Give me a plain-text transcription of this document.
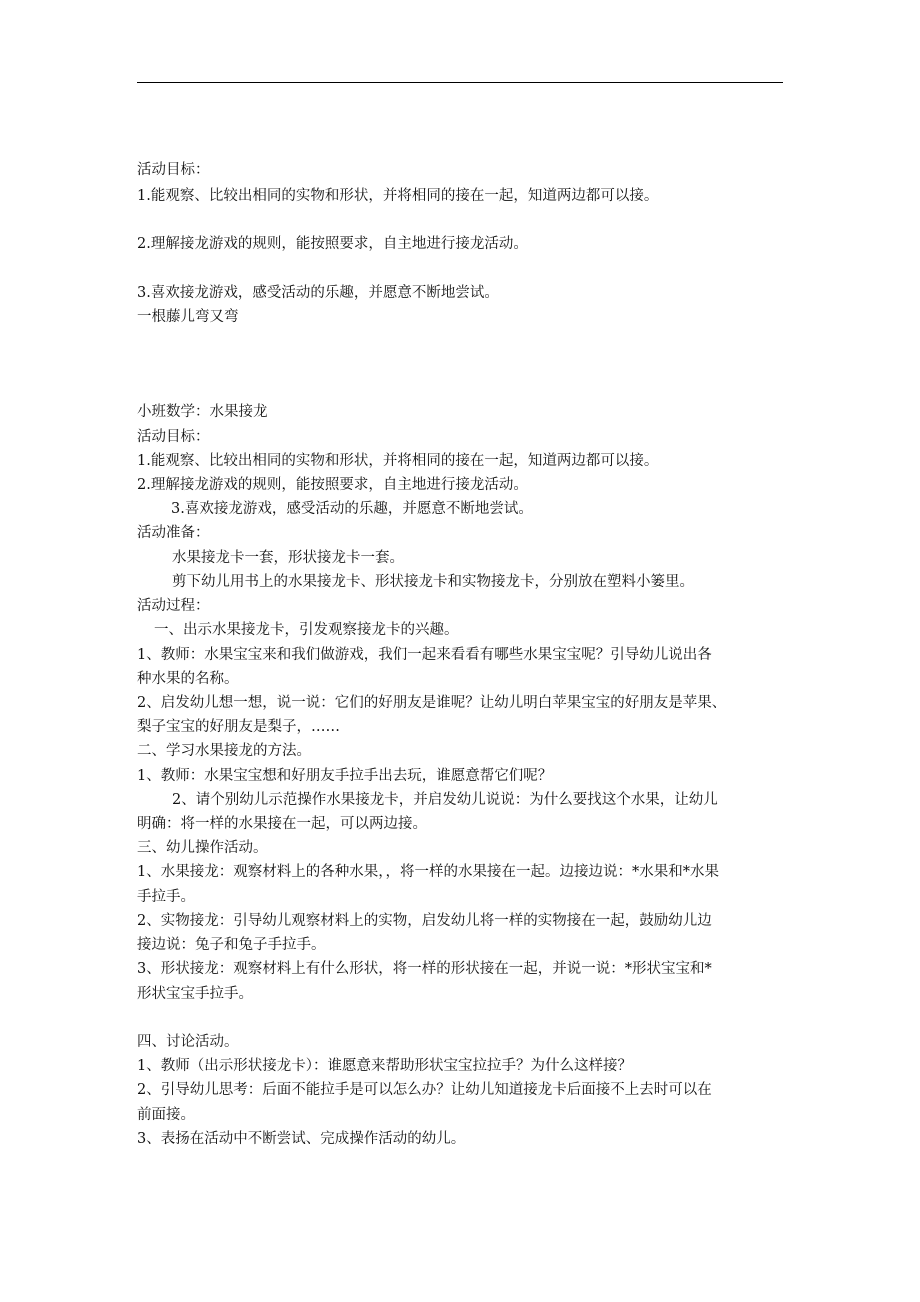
活动目标：
1.能观察、比较出相同的实物和形状，并将相同的接在一起，知道两边都可以接。
2.理解接龙游戏的规则，能按照要求，自主地进行接龙活动。
3.喜欢接龙游戏，感受活动的乐趣，并愿意不断地尝试。
一根藤儿弯又弯
小班数学：水果接龙
活动目标：
1.能观察、比较出相同的实物和形状，并将相同的接在一起，知道两边都可以接。
2.理解接龙游戏的规则，能按照要求，自主地进行接龙活动。
3.喜欢接龙游戏，感受活动的乐趣，并愿意不断地尝试。
活动准备：
水果接龙卡一套，形状接龙卡一套。
剪下幼儿用书上的水果接龙卡、形状接龙卡和实物接龙卡，分别放在塑料小篓里。
活动过程：
一、出示水果接龙卡，引发观察接龙卡的兴趣。
1、教师：水果宝宝来和我们做游戏，我们一起来看看有哪些水果宝宝呢？引导幼儿说出各
种水果的名称。
2、启发幼儿想一想，说一说：它们的好朋友是谁呢？让幼儿明白苹果宝宝的好朋友是苹果、
梨子宝宝的好朋友是梨子，……
二、学习水果接龙的方法。
1、教师：水果宝宝想和好朋友手拉手出去玩，谁愿意帮它们呢？
2、请个别幼儿示范操作水果接龙卡，并启发幼儿说说：为什么要找这个水果，让幼儿
明确：将一样的水果接在一起，可以两边接。
三、幼儿操作活动。
1、水果接龙：观察材料上的各种水果，，将一样的水果接在一起。边接边说：*水果和*水果
手拉手。
2、实物接龙：引导幼儿观察材料上的实物，启发幼儿将一样的实物接在一起，鼓励幼儿边
接边说：兔子和兔子手拉手。
3、形状接龙：观察材料上有什么形状，将一样的形状接在一起，并说一说：*形状宝宝和*
形状宝宝手拉手。
四、讨论活动。
1、教师（出示形状接龙卡）：谁愿意来帮助形状宝宝拉拉手？为什么这样接？
2、引导幼儿思考：后面不能拉手是可以怎么办？让幼儿知道接龙卡后面接不上去时可以在
前面接。
3、表扬在活动中不断尝试、完成操作活动的幼儿。
